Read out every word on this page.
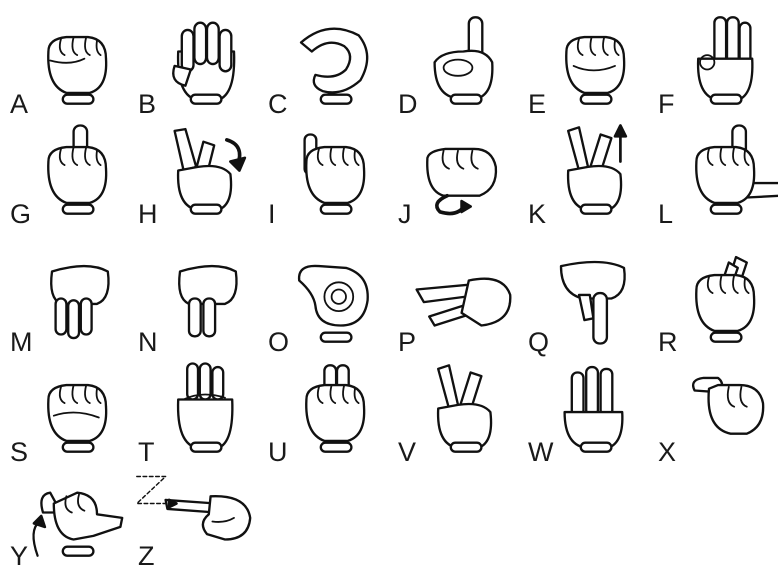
A	B	C	D	E	F
G	H	I	J	K	L
M	N	O	P	Q	R
S	T	U	V	W	X
Y	Z
